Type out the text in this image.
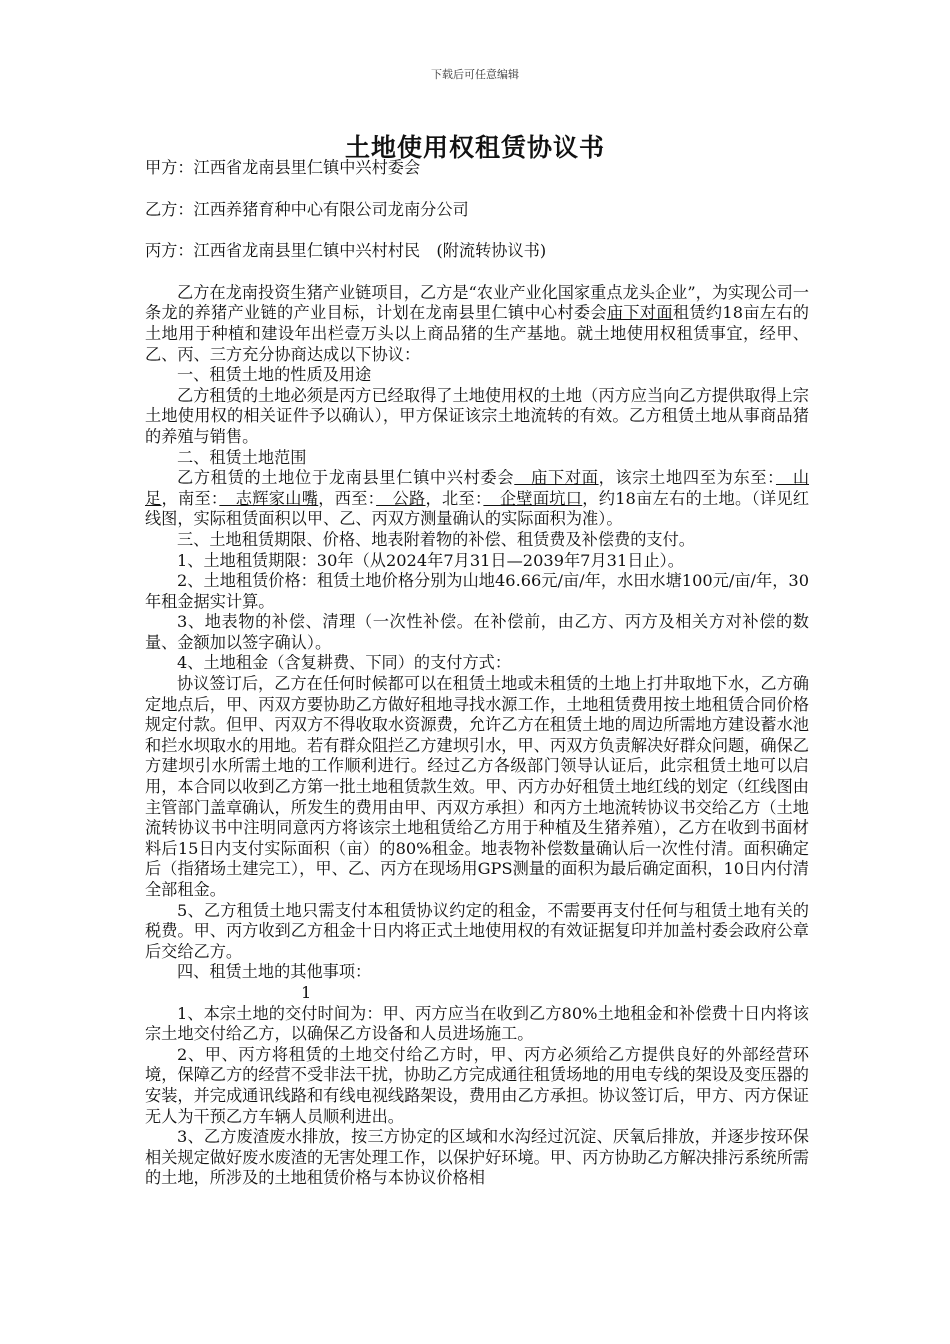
下载后可任意编辑
土地使用权租赁协议书

甲方：江西省龙南县里仁镇中兴村委会

乙方：江西养猪育种中心有限公司龙南分公司

丙方：江西省龙南县里仁镇中兴村村民　(附流转协议书)

乙方在龙南投资生猪产业链项目，乙方是“农业产业化国家重点龙头企业”，为实现公司一条龙的养猪产业链的产业目标，计划在龙南县里仁镇中心村委会庙下对面租赁约18亩左右的土地用于种植和建设年出栏壹万头以上商品猪的生产基地。就土地使用权租赁事宜，经甲、乙、丙、三方充分协商达成以下协议：

一、租赁土地的性质及用途

乙方租赁的土地必须是丙方已经取得了土地使用权的土地（丙方应当向乙方提供取得上宗土地使用权的相关证件予以确认），甲方保证该宗土地流转的有效。乙方租赁土地从事商品猪的养殖与销售。

二、租赁土地范围

乙方租赁的土地位于龙南县里仁镇中兴村委会　庙下对面，该宗土地四至为东至：　山足，南至：　志辉家山嘴，西至：　公路，北至：　企壁面坑口，约18亩左右的土地。（详见红线图，实际租赁面积以甲、乙、丙双方测量确认的实际面积为准）。

三、土地租赁期限、价格、地表附着物的补偿、租赁费及补偿费的支付。

1、土地租赁期限：30年（从2024年7月31日—2039年7月31日止）。

2、土地租赁价格：租赁土地价格分别为山地46.66元/亩/年，水田水塘100元/亩/年，30年租金据实计算。

3、地表物的补偿、清理（一次性补偿。在补偿前，由乙方、丙方及相关方对补偿的数量、金额加以签字确认）。

4、土地租金（含复耕费、下同）的支付方式：

协议签订后，乙方在任何时候都可以在租赁土地或未租赁的土地上打井取地下水，乙方确定地点后，甲、丙双方要协助乙方做好租地寻找水源工作，土地租赁费用按土地租赁合同价格规定付款。但甲、丙双方不得收取水资源费，允许乙方在租赁土地的周边所需地方建设蓄水池和拦水坝取水的用地。若有群众阻拦乙方建坝引水，甲、丙双方负责解决好群众问题，确保乙方建坝引水所需土地的工作顺利进行。经过乙方各级部门领导认证后，此宗租赁土地可以启用，本合同以收到乙方第一批土地租赁款生效。甲、丙方办好租赁土地红线的划定（红线图由主管部门盖章确认，所发生的费用由甲、丙双方承担）和丙方土地流转协议书交给乙方（土地流转协议书中注明同意丙方将该宗土地租赁给乙方用于种植及生猪养殖），乙方在收到书面材料后15日内支付实际面积（亩）的80%租金。地表物补偿数量确认后一次性付清。面积确定后（指猪场土建完工），甲、乙、丙方在现场用GPS测量的面积为最后确定面积，10日内付清全部租金。

5、乙方租赁土地只需支付本租赁协议约定的租金，不需要再支付任何与租赁土地有关的税费。甲、丙方收到乙方租金十日内将正式土地使用权的有效证据复印并加盖村委会政府公章后交给乙方。

四、租赁土地的其他事项：

1

1、本宗土地的交付时间为：甲、丙方应当在收到乙方80%土地租金和补偿费十日内将该宗土地交付给乙方，以确保乙方设备和人员进场施工。

2、甲、丙方将租赁的土地交付给乙方时，甲、丙方必须给乙方提供良好的外部经营环境，保障乙方的经营不受非法干扰，协助乙方完成通往租赁场地的用电专线的架设及变压器的安装，并完成通讯线路和有线电视线路架设，费用由乙方承担。协议签订后，甲方、丙方保证无人为干预乙方车辆人员顺利进出。

3、乙方废渣废水排放，按三方协定的区域和水沟经过沉淀、厌氧后排放，并逐步按环保相关规定做好废水废渣的无害处理工作，以保护好环境。甲、丙方协助乙方解决排污系统所需的土地，所涉及的土地租赁价格与本协议价格相
